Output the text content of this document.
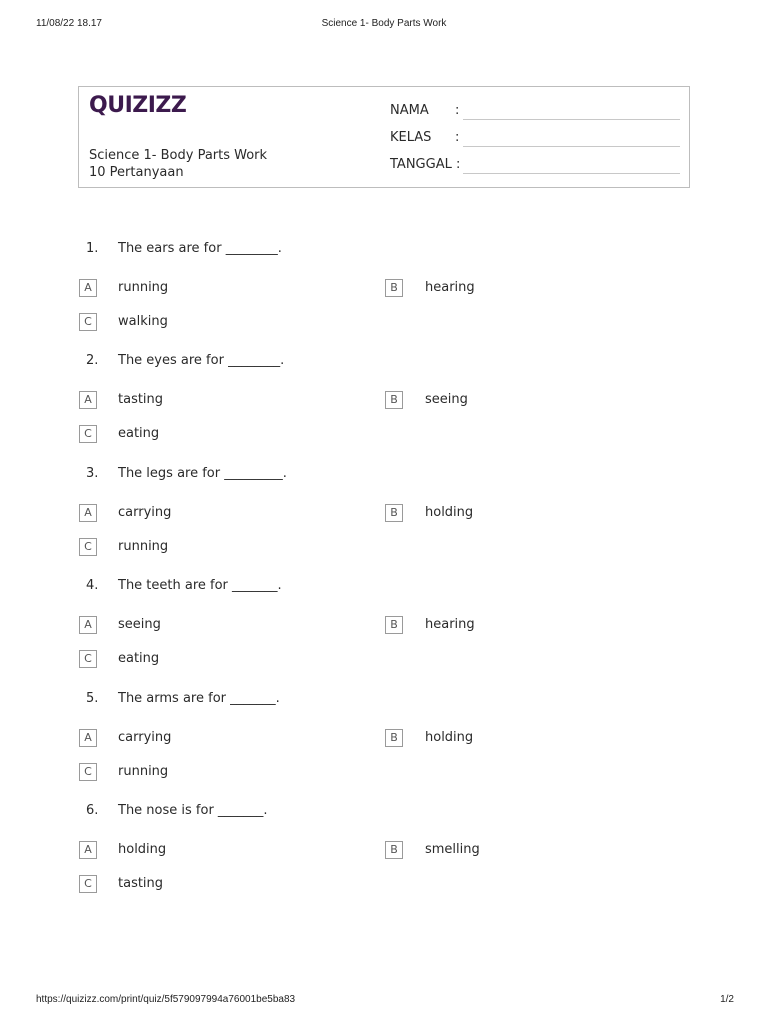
11/08/22 18.17	Science 1- Body Parts Work
QUIZIZZ
Science 1- Body Parts Work
10 Pertanyaan
NAMA :
KELAS :
TANGGAL :
1. The ears are for ________.
A	running	B	hearing
C	walking
2. The eyes are for ________.
A	tasting	B	seeing
C	eating
3. The legs are for _________.
A	carrying	B	holding
C	running
4. The teeth are for _______.
A	seeing	B	hearing
C	eating
5. The arms are for _______.
A	carrying	B	holding
C	running
6. The nose is for _______.
A	holding	B	smelling
C	tasting
https://quizizz.com/print/quiz/5f579097994a76001be5ba83	1/2
